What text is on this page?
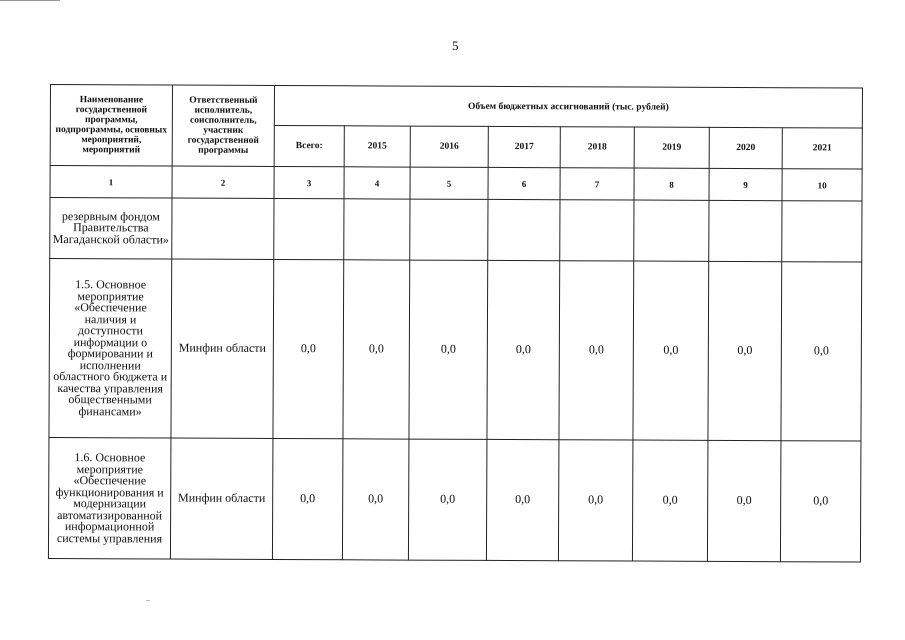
5
Наименование государственной программы, подпрограммы, основных мероприятий, мероприятий	Ответственный исполнитель, соисполнитель, участник государственной программы	Объем бюджетных ассигнований (тыс. рублей)							
		Всего:	2015	2016	2017	2018	2019	2020	2021
1	2	3	4	5	6	7	8	9	10
резервным фондом Правительства Магаданской области»									
1.5. Основное мероприятие «Обеспечение наличия и доступности информации о формировании и исполнении областного бюджета и качества управления общественными финансами»	Минфин области	0,0	0,0	0,0	0,0	0,0	0,0	0,0	0,0
1.6. Основное мероприятие «Обеспечение функционирования и модернизации автоматизированной информационной системы управления	Минфин области	0,0	0,0	0,0	0,0	0,0	0,0	0,0	0,0
